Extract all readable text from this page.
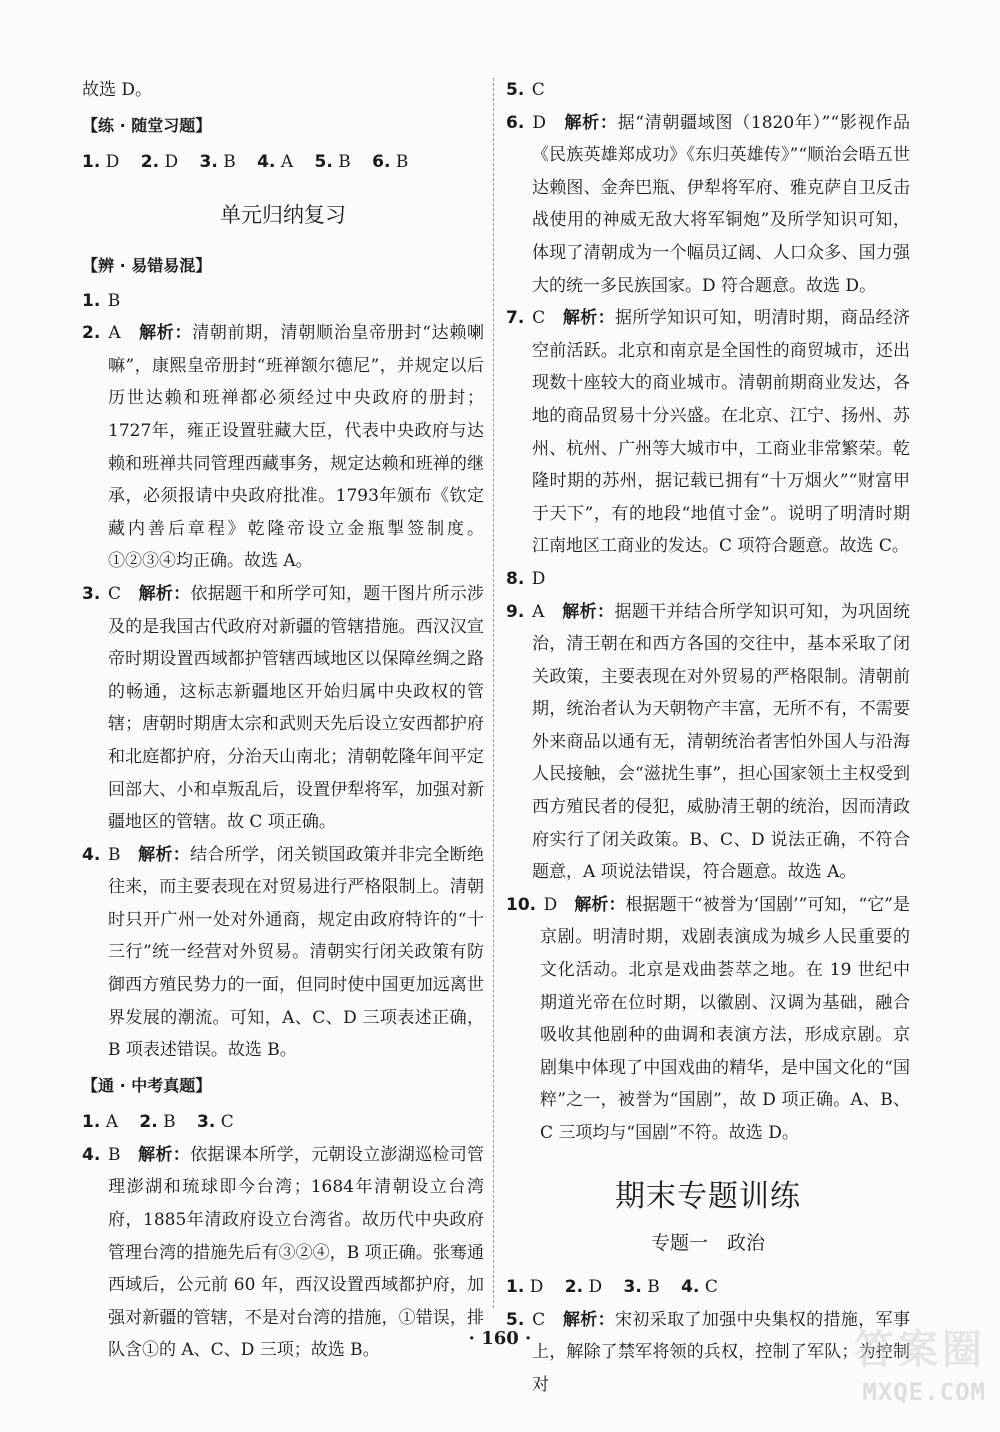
故选 D。

【练 · 随堂习题】

1. D 2. D 3. B 4. A 5. B 6. B

单元归纳复习

【辨 · 易错易混】

1. B

2. A　 解析：清朝前期，清朝顺治皇帝册封“达赖喇嘛”，康熙皇帝册封“班禅额尔德尼”，并规定以后历世达赖和班禅都必须经过中央政府的册封；1727年，雍正设置驻藏大臣，代表中央政府与达赖和班禅共同管理西藏事务，规定达赖和班禅的继承，必须报请中央政府批准。1793年颁布《钦定藏内善后章程》乾隆帝设立金瓶掣签制度。①②③④均正确。故选 A。

3. C　 解析：依据题干和所学可知，题干图片所示涉及的是我国古代政府对新疆的管辖措施。西汉汉宣帝时期设置西域都护管辖西域地区以保障丝绸之路的畅通，这标志新疆地区开始归属中央政权的管辖；唐朝时期唐太宗和武则天先后设立安西都护府和北庭都护府，分治天山南北；清朝乾隆年间平定回部大、小和卓叛乱后，设置伊犁将军，加强对新疆地区的管辖。故 C 项正确。

4. B　 解析：结合所学，闭关锁国政策并非完全断绝往来，而主要表现在对贸易进行严格限制上。清朝时只开广州一处对外通商，规定由政府特许的“十三行”统一经营对外贸易。清朝实行闭关政策有防御西方殖民势力的一面，但同时使中国更加远离世界发展的潮流。可知，A、C、D 三项表述正确，B 项表述错误。故选 B。

【通 · 中考真题】

1. A 2. B 3. C

4. B　 解析：依据课本所学，元朝设立澎湖巡检司管理澎湖和琉球即今台湾；1684年清朝设立台湾府，1885年清政府设立台湾省。故历代中央政府管理台湾的措施先后有③②④，B 项正确。张骞通西域后，公元前 60 年，西汉设置西域都护府，加强对新疆的管辖，不是对台湾的措施，①错误，排队含①的 A、C、D 三项；故选 B。

5. C

6. D　 解析：据“清朝疆域图（1820年）”“影视作品《民族英雄郑成功》《东归英雄传》”“顺治会晤五世达赖图、金奔巴瓶、伊犁将军府、雅克萨自卫反击战使用的神威无敌大将军铜炮”及所学知识可知，体现了清朝成为一个幅员辽阔、人口众多、国力强大的统一多民族国家。D 符合题意。故选 D。

7. C　 解析：据所学知识可知，明清时期，商品经济空前活跃。北京和南京是全国性的商贸城市，还出现数十座较大的商业城市。清朝前期商业发达，各地的商品贸易十分兴盛。在北京、江宁、扬州、苏州、杭州、广州等大城市中，工商业非常繁荣。乾隆时期的苏州，据记载已拥有“十万烟火”“财富甲于天下”，有的地段“地值寸金”。说明了明清时期江南地区工商业的发达。C 项符合题意。故选 C。

8. D

9. A　 解析：据题干并结合所学知识可知，为巩固统治，清王朝在和西方各国的交往中，基本采取了闭关政策，主要表现在对外贸易的严格限制。清朝前期，统治者认为天朝物产丰富，无所不有，不需要外来商品以通有无，清朝统治者害怕外国人与沿海人民接触，会“滋扰生事”，担心国家领土主权受到西方殖民者的侵犯，威胁清王朝的统治，因而清政府实行了闭关政策。B、C、D 说法正确，不符合题意，A 项说法错误，符合题意。故选 A。

10. D　 解析：根据题干“被誉为‘国剧’”可知，“它”是京剧。明清时期，戏剧表演成为城乡人民重要的文化活动。北京是戏曲荟萃之地。在 19 世纪中期道光帝在位时期，以徽剧、汉调为基础，融合吸收其他剧种的曲调和表演方法，形成京剧。京剧集中体现了中国戏曲的精华，是中国文化的“国粹”之一，被誉为“国剧”，故 D 项正确。A、B、C 三项均与“国剧”不符。故选 D。

期末专题训练
专题一　政治

1. D 2. D 3. B 4. C

5. C　 解析：宋初采取了加强中央集权的措施，军事上，解除了禁军将领的兵权，控制了军队；为控制对

· 160 ·	答案圈
MXQE.COM
